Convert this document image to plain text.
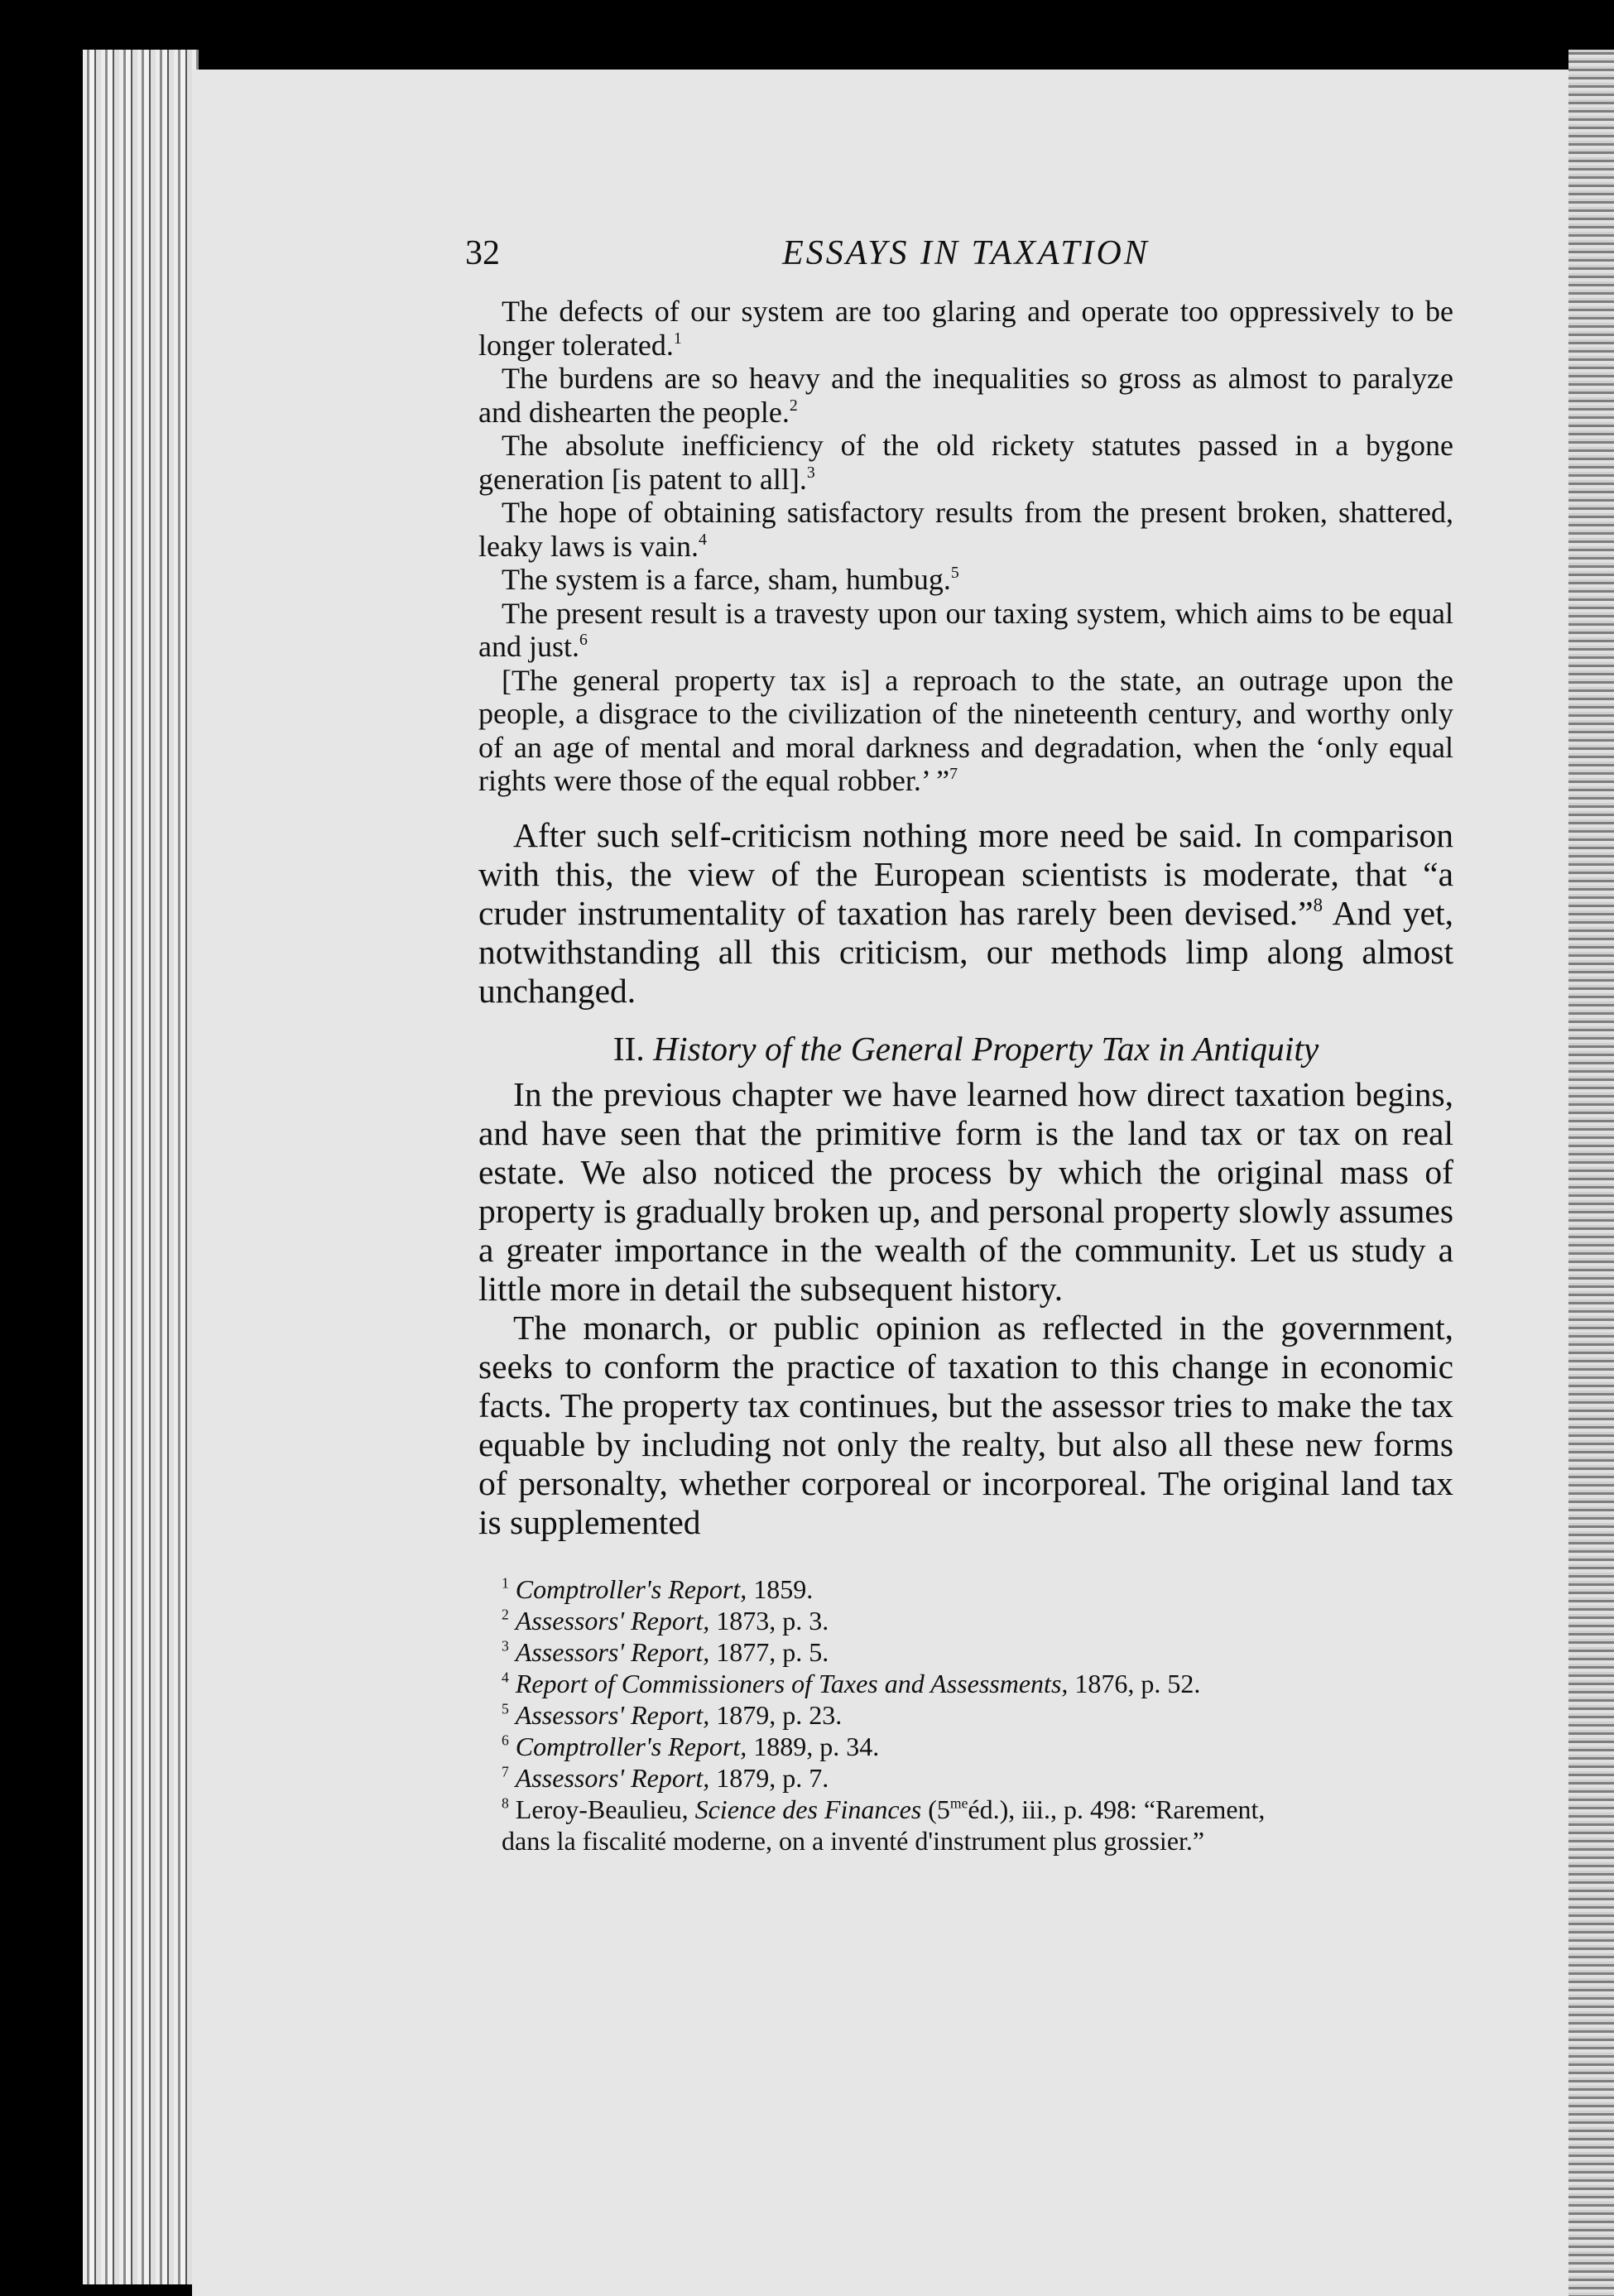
32	ESSAYS IN TAXATION

The defects of our system are too glaring and operate too oppressively to be longer tolerated.$^1$

The burdens are so heavy and the inequalities so gross as almost to paralyze and dishearten the people.$^2$

The absolute inefficiency of the old rickety statutes passed in a bygone generation [is patent to all].$^3$

The hope of obtaining satisfactory results from the present broken, shattered, leaky laws is vain.$^4$

The system is a farce, sham, humbug.$^5$

The present result is a travesty upon our taxing system, which aims to be equal and just.$^6$

[The general property tax is] a reproach to the state, an outrage upon the people, a disgrace to the civilization of the nineteenth century, and worthy only of an age of mental and moral darkness and degradation, when the ‘only equal rights were those of the equal robber.’ ”$^7$

After such self-criticism nothing more need be said. In comparison with this, the view of the European scientists is moderate, that “a cruder instrumentality of taxation has rarely been devised.”$^8$ And yet, notwithstanding all this criticism, our methods limp along almost unchanged.

II. History of the General Property Tax in Antiquity

In the previous chapter we have learned how direct taxation begins, and have seen that the primitive form is the land tax or tax on real estate. We also noticed the process by which the original mass of property is gradually broken up, and personal property slowly assumes a greater importance in the wealth of the community. Let us study a little more in detail the subsequent history.

The monarch, or public opinion as reflected in the government, seeks to conform the practice of taxation to this change in economic facts. The property tax continues, but the assessor tries to make the tax equable by including not only the realty, but also all these new forms of personalty, whether corporeal or incorporeal. The original land tax is supplemented

$^1$ Comptroller's Report, 1859.

$^2$ Assessors' Report, 1873, p. 3.

$^3$ Assessors' Report, 1877, p. 5.

$^4$ Report of Commissioners of Taxes and Assessments, 1876, p. 52.

$^5$ Assessors' Report, 1879, p. 23.

$^6$ Comptroller's Report, 1889, p. 34.

$^7$ Assessors' Report, 1879, p. 7.

$^8$ Leroy-Beaulieu, Science des Finances $(5^{me}éd.)$, iii., p. 498: “Rarement,

dans la fiscalité moderne, on a inventé d'instrument plus grossier.”
